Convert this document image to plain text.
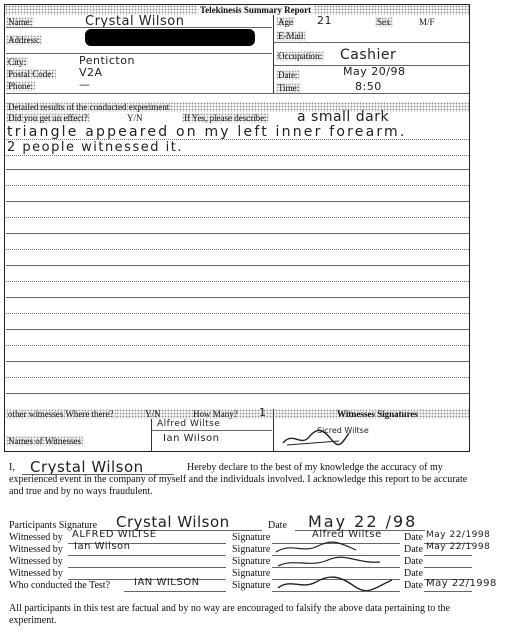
Telekinesis Summary Report
Name:	Crystal Wilson	Age 21	Sex	M/F
Address:	E-Mail
Occupation: Cashier
City:	Penticton
Postal Code: V2A
Phone:	—
Date:	May 20/98
Time:	8:50
Detailed results of the conducted experiment
Did you get an effect?	Y/N	If Yes, please describe: a small dark
triangle appeared on my left inner forearm.
2 people witnessed it.
other witnesses Where there?	Y/N	How Many? 1	Witnesses Signatures
Names of Witnesses
Alfred Wiltse
Ian Wilson
Sicred Wiltse
I, Crystal Wilson	Hereby declare to the best of my knowledge the accuracy of my experienced event in the company of myself and the individuals involved. I acknowledge this report to be accurate and true and by no ways fraudulent.
Participants Signature Crystal Wilson	Date May 22 /98
Witnessed by ALFRED WILTSE	Signature	Alfred Wiltse Date May 22/1998
Witnessed by Ian Wilson	Signature	Date May 22/1998
Witnessed by	Signature	Date
Witnessed by	Signature	Date
Who conducted the Test? IAN WILSON	Signature	Date May 22/1998
All participants in this test are factual and by no way are encouraged to falsify the above data pertaining to the experiment.
